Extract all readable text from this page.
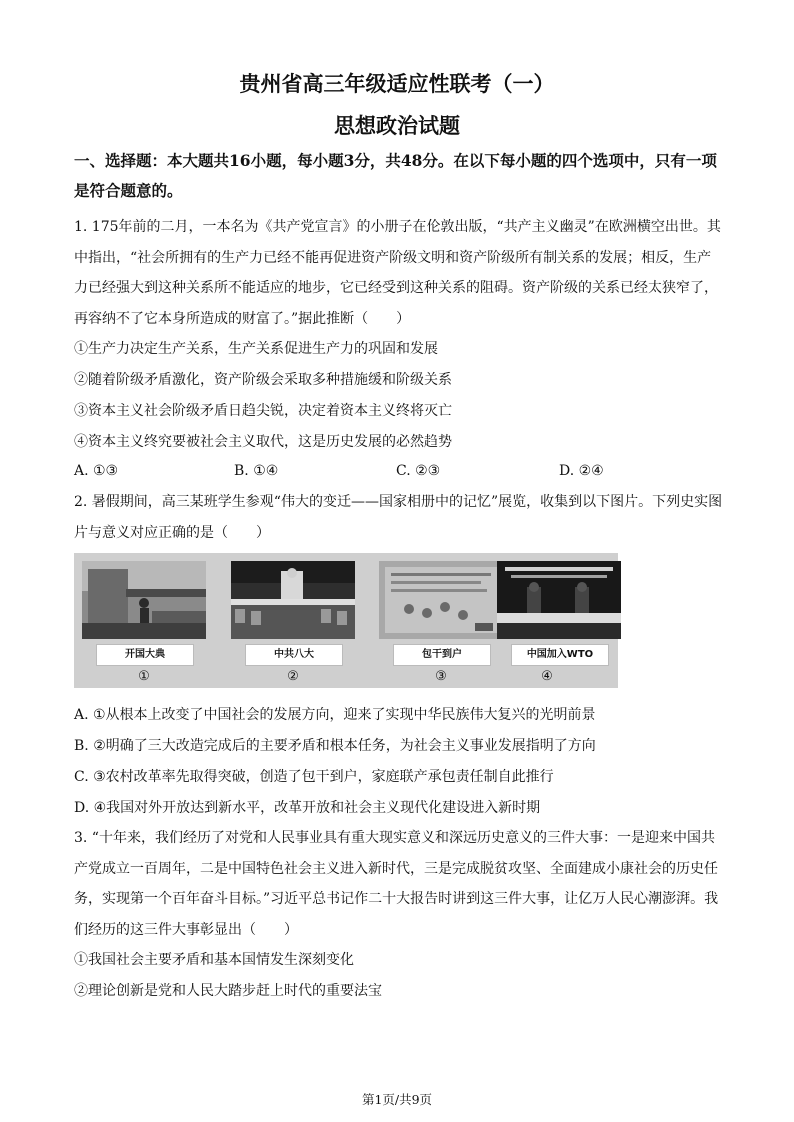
贵州省高三年级适应性联考（一）
思想政治试题
一、选择题：本大题共16小题，每小题3分，共48分。在以下每小题的四个选项中，只有一项是符合题意的。
1. 175年前的二月，一本名为《共产党宣言》的小册子在伦敦出版，“共产主义幽灵”在欧洲横空出世。其中指出，“社会所拥有的生产力已经不能再促进资产阶级文明和资产阶级所有制关系的发展；相反，生产力已经强大到这种关系所不能适应的地步，它已经受到这种关系的阻碍。资产阶级的关系已经太狭窄了，再容纳不了它本身所造成的财富了。”据此推断（　　）
①生产力决定生产关系，生产关系促进生产力的巩固和发展
②随着阶级矛盾激化，资产阶级会采取多种措施缓和阶级关系
③资本主义社会阶级矛盾日趋尖锐，决定着资本主义终将灭亡
④资本主义终究要被社会主义取代，这是历史发展的必然趋势
A. ①③	B. ①④	C. ②③	D. ②④
2. 暑假期间，高三某班学生参观“伟大的变迁——国家相册中的记忆”展览，收集到以下图片。下列史实图片与意义对应正确的是（　　）
开国大典
①
中共八大
②
包干到户
③
中国加入WTO
④
A. ①从根本上改变了中国社会的发展方向，迎来了实现中华民族伟大复兴的光明前景
B. ②明确了三大改造完成后的主要矛盾和根本任务，为社会主义事业发展指明了方向
C. ③农村改革率先取得突破，创造了包干到户，家庭联产承包责任制自此推行
D. ④我国对外开放达到新水平，改革开放和社会主义现代化建设进入新时期
3. “十年来，我们经历了对党和人民事业具有重大现实意义和深远历史意义的三件大事：一是迎来中国共产党成立一百周年，二是中国特色社会主义进入新时代，三是完成脱贫攻坚、全面建成小康社会的历史任务，实现第一个百年奋斗目标。”习近平总书记作二十大报告时讲到这三件大事，让亿万人民心潮澎湃。我们经历的这三件大事彰显出（　　）
①我国社会主要矛盾和基本国情发生深刻变化
②理论创新是党和人民大踏步赶上时代的重要法宝
第1页/共9页
